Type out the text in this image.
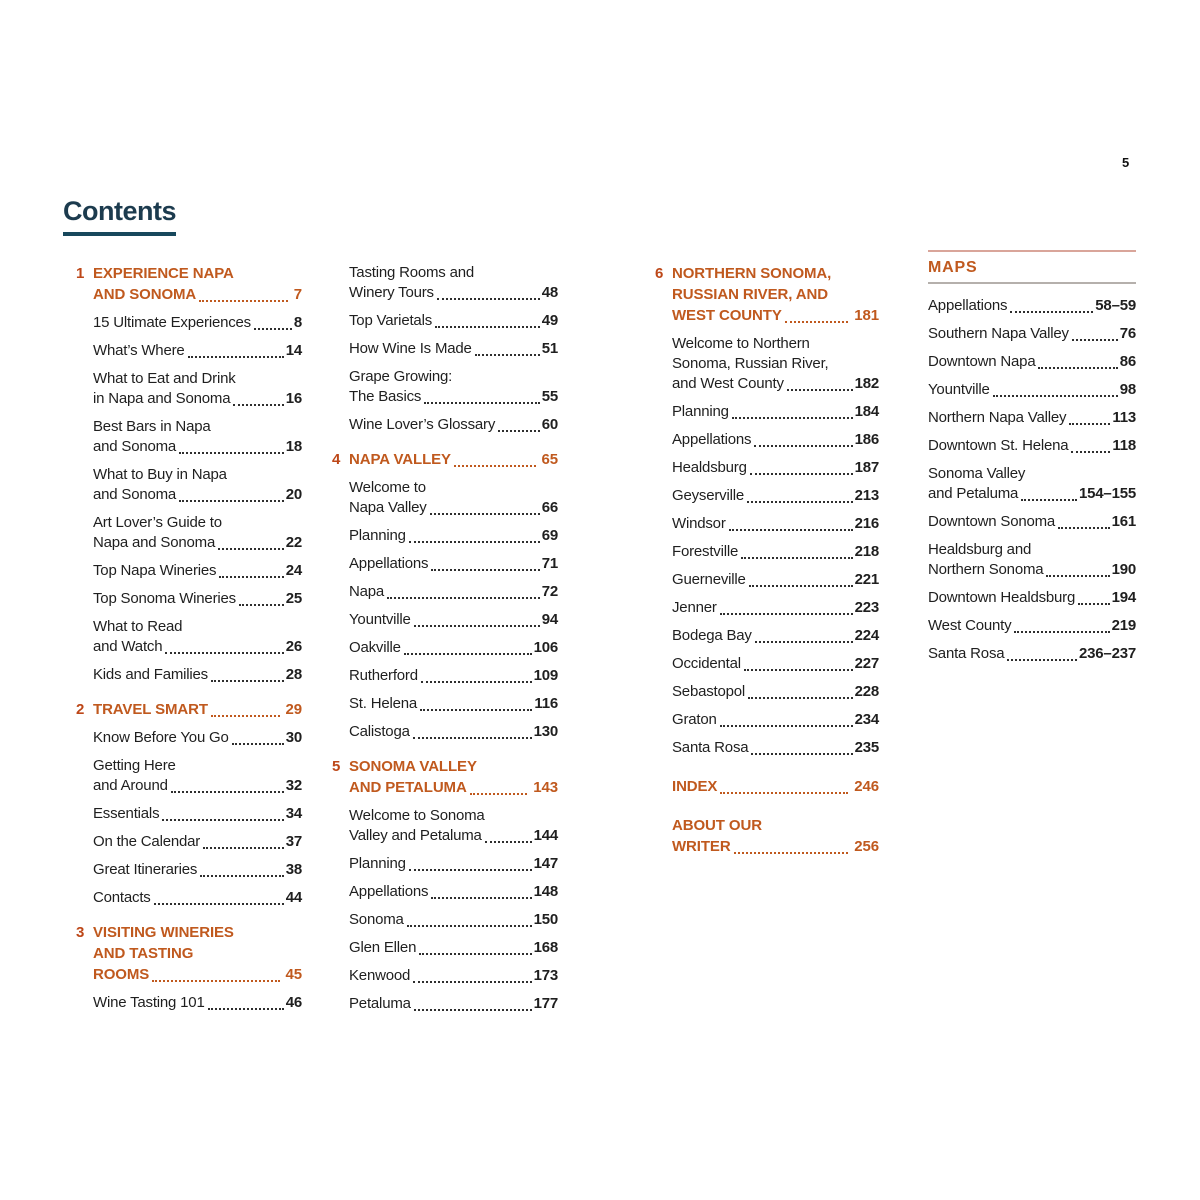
5
Contents
1 EXPERIENCE NAPA
AND SONOMA	7
15 Ultimate Experiences	8
What’s Where	14
What to Eat and Drink
in Napa and Sonoma	16
Best Bars in Napa
and Sonoma	18
What to Buy in Napa
and Sonoma	20
Art Lover’s Guide to
Napa and Sonoma	22
Top Napa Wineries	24
Top Sonoma Wineries	25
What to Read
and Watch	26
Kids and Families	28
2 TRAVEL SMART	29
Know Before You Go	30
Getting Here
and Around	32
Essentials	34
On the Calendar	37
Great Itineraries	38
Contacts	44
3 VISITING WINERIES
AND TASTING
ROOMS	45
Wine Tasting 101	46
Tasting Rooms and
Winery Tours	48
Top Varietals	49
How Wine Is Made	51
Grape Growing:
The Basics	55
Wine Lover’s Glossary	60
4 NAPA VALLEY	65
Welcome to
Napa Valley	66
Planning	69
Appellations	71
Napa	72
Yountville	94
Oakville	106
Rutherford	109
St. Helena	116
Calistoga	130
5 SONOMA VALLEY
AND PETALUMA	143
Welcome to Sonoma
Valley and Petaluma	144
Planning	147
Appellations	148
Sonoma	150
Glen Ellen	168
Kenwood	173
Petaluma	177
6 NORTHERN SONOMA,
RUSSIAN RIVER, AND
WEST COUNTY	181
Welcome to Northern
Sonoma, Russian River,
and West County	182
Planning	184
Appellations	186
Healdsburg	187
Geyserville	213
Windsor	216
Forestville	218
Guerneville	221
Jenner	223
Bodega Bay	224
Occidental	227
Sebastopol	228
Graton	234
Santa Rosa	235
INDEX	246
ABOUT OUR
WRITER	256
MAPS
Appellations	58–59
Southern Napa Valley	76
Downtown Napa	86
Yountville	98
Northern Napa Valley	113
Downtown St. Helena	118
Sonoma Valley
and Petaluma	154–155
Downtown Sonoma	161
Healdsburg and
Northern Sonoma	190
Downtown Healdsburg 194
West County	219
Santa Rosa	236–237
